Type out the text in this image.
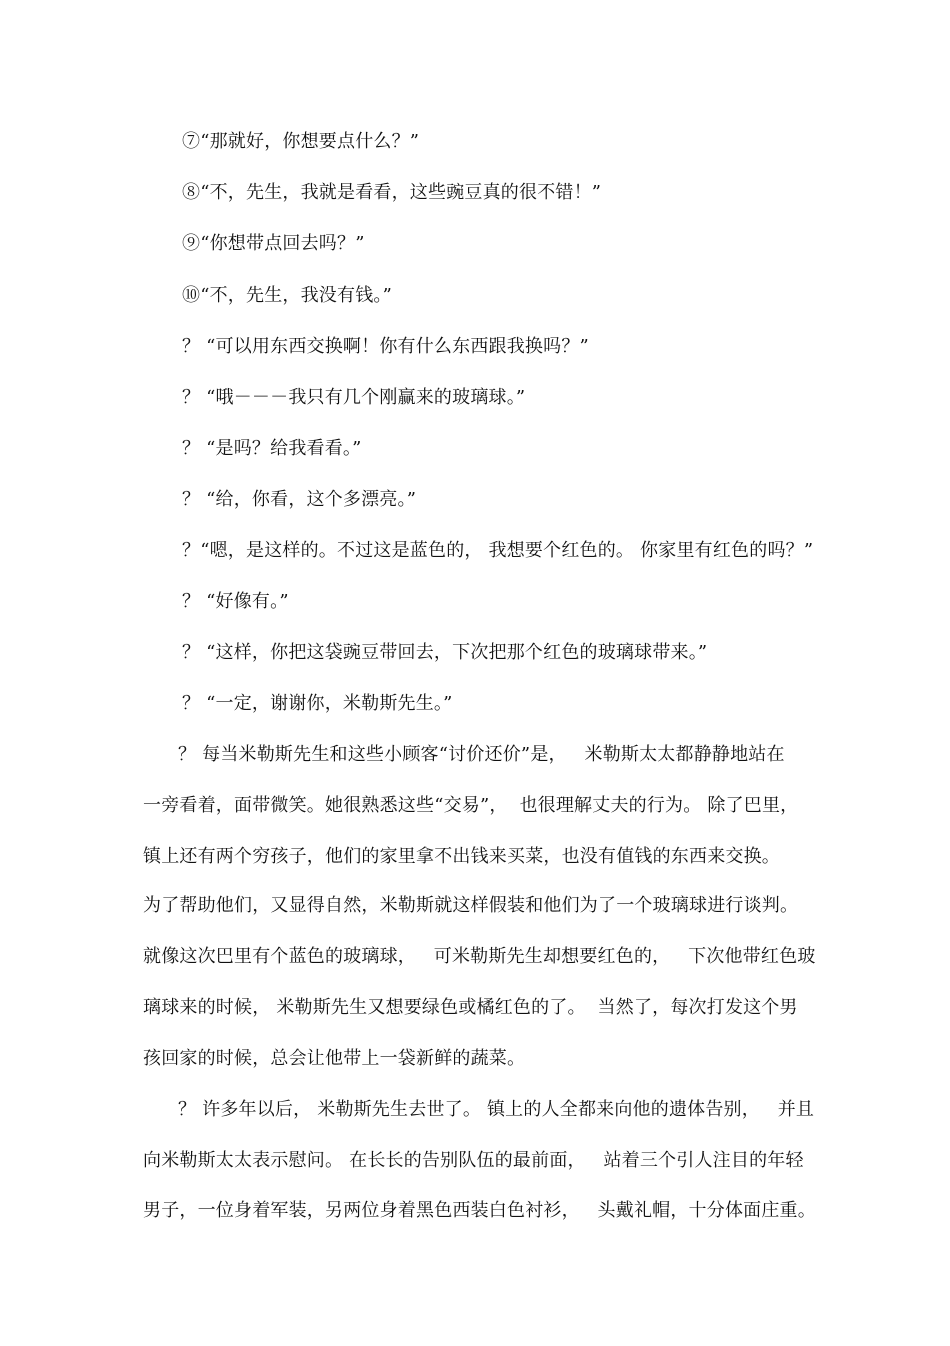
⑦“那就好，你想要点什么？”
⑧“不，先生，我就是看看，这些豌豆真的很不错！”
⑨“你想带点回去吗？”
⑩“不，先生，我没有钱。”
？ “可以用东西交换啊！你有什么东西跟我换吗？”
？ “哦－－－我只有几个刚赢来的玻璃球。”
？ “是吗？给我看看。”
？ “给，你看，这个多漂亮。”
？“嗯，是这样的。不过这是蓝色的， 我想要个红色的。 你家里有红色的吗？”
？ “好像有。”
？ “这样，你把这袋豌豆带回去，下次把那个红色的玻璃球带来。”
？ “一定，谢谢你，米勒斯先生。”
？ 每当米勒斯先生和这些小顾客“讨价还价”是，   米勒斯太太都静静地站在
一旁看着，面带微笑。她很熟悉这些“交易”，  也很理解丈夫的行为。 除了巴里，
镇上还有两个穷孩子，他们的家里拿不出钱来买菜，也没有值钱的东西来交换。
为了帮助他们，又显得自然，米勒斯就这样假装和他们为了一个玻璃球进行谈判。
就像这次巴里有个蓝色的玻璃球，   可米勒斯先生却想要红色的，   下次他带红色玻
璃球来的时候， 米勒斯先生又想要绿色或橘红色的了。  当然了，每次打发这个男
孩回家的时候，总会让他带上一袋新鲜的蔬菜。
？ 许多年以后， 米勒斯先生去世了。 镇上的人全都来向他的遗体告别，   并且
向米勒斯太太表示慰问。 在长长的告别队伍的最前面，   站着三个引人注目的年轻
男子，一位身着军装，另两位身着黑色西装白色衬衫，   头戴礼帽，十分体面庄重。
